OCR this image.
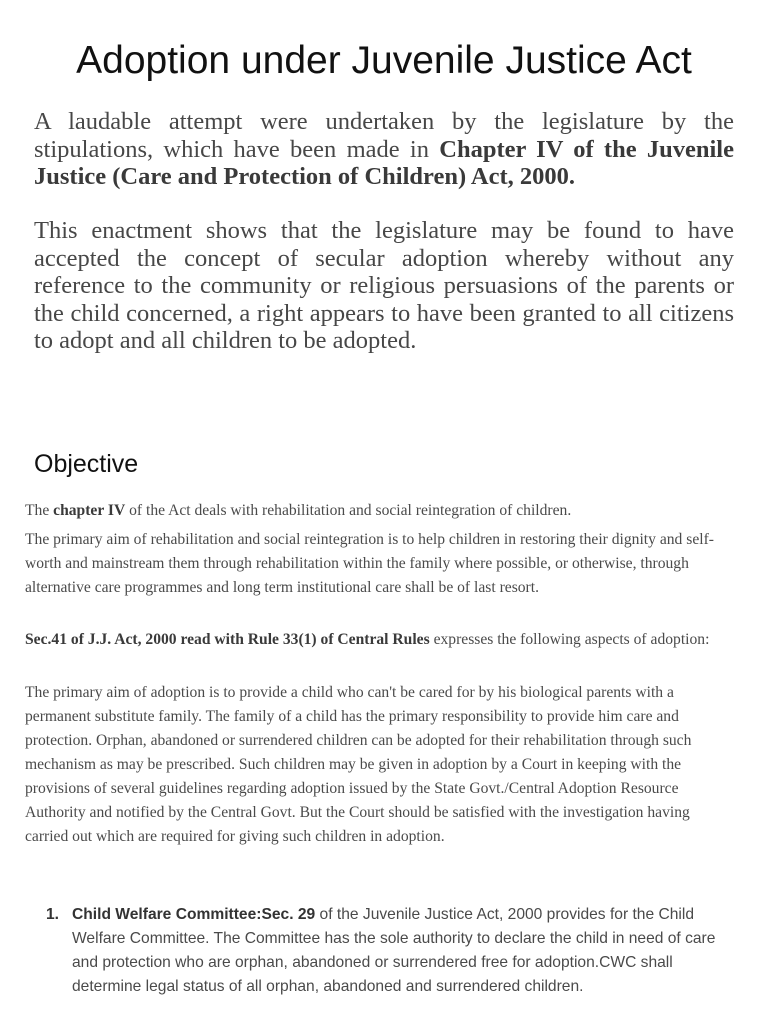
Adoption under Juvenile Justice Act
A laudable attempt were undertaken by the legislature by the stipulations, which have been made in Chapter IV of the Juvenile Justice (Care and Protection of Children) Act, 2000.
This enactment shows that the legislature may be found to have accepted the concept of secular adoption whereby without any reference to the community or religious persuasions of the parents or the child concerned, a right appears to have been granted to all citizens to adopt and all children to be adopted.
Objective
The chapter IV of the Act deals with rehabilitation and social reintegration of children.
The primary aim of rehabilitation and social reintegration is to help children in restoring their dignity and self-worth and mainstream them through rehabilitation within the family where possible, or otherwise, through alternative care programmes and long term institutional care shall be of last resort.
Sec.41 of J.J. Act, 2000 read with Rule 33(1) of Central Rules expresses the following aspects of adoption:
The primary aim of adoption is to provide a child who can't be cared for by his biological parents with a permanent substitute family. The family of a child has the primary responsibility to provide him care and protection. Orphan, abandoned or surrendered children can be adopted for their rehabilitation through such mechanism as may be prescribed. Such children may be given in adoption by a Court in keeping with the provisions of several guidelines regarding adoption issued by the State Govt./Central Adoption Resource Authority and notified by the Central Govt. But the Court should be satisfied with the investigation having carried out which are required for giving such children in adoption.
1. Child Welfare Committee:Sec. 29 of the Juvenile Justice Act, 2000 provides for the Child Welfare Committee. The Committee has the sole authority to declare the child in need of care and protection who are orphan, abandoned or surrendered free for adoption.CWC shall determine legal status of all orphan, abandoned and surrendered children.
